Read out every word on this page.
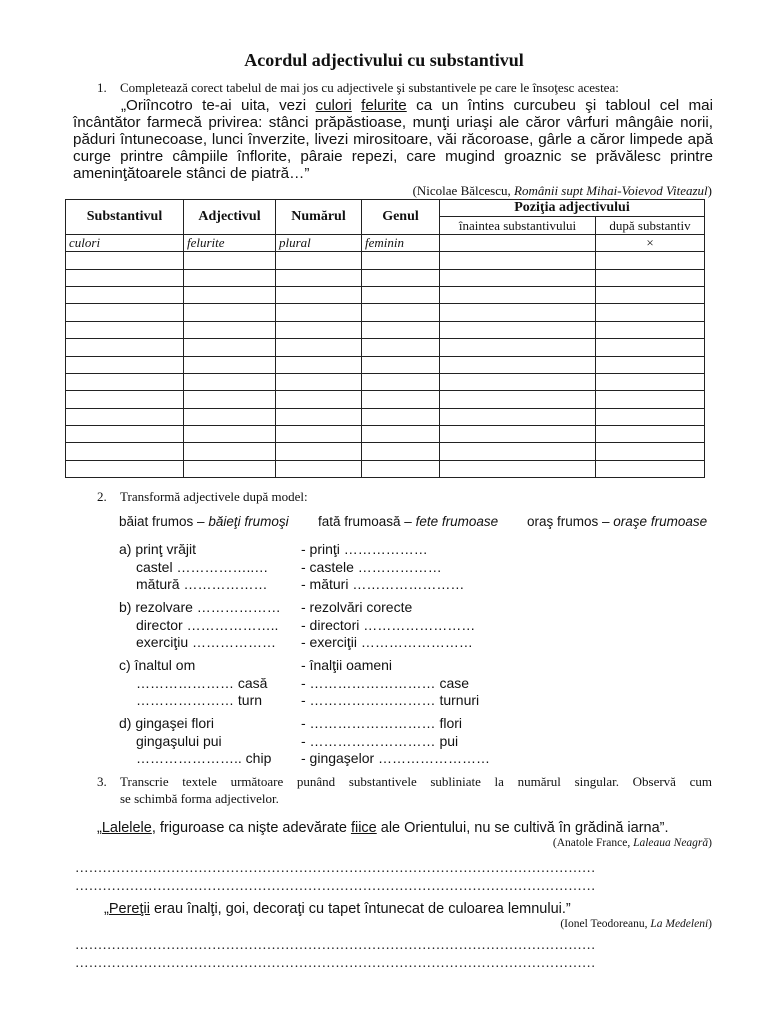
Acordul adjectivului cu substantivul
1. Completează corect tabelul de mai jos cu adjectivele şi substantivele pe care le însoţesc acestea:
„Oriîncotro te-ai uita, vezi culori felurite ca un întins curcubeu şi tabloul cel mai încântător farmecă privirea: stânci prăpăstioase, munţi uriaşi ale căror vârfuri mângâie norii, păduri întunecoase, lunci înverzite, livezi mirositoare, văi răcoroase, gârle a căror limpede apă curge printre câmpiile înflorite, pâraie repezi, care mugind groaznic se prăvălesc printre ameninţătoarele stânci de piatră…”
(Nicolae Bălcescu, Românii supt Mihai-Voievod Viteazul)
Substantivul	Adjectivul	Numărul	Genul	Poziţia adjectivului	
				înaintea substantivului	după substantiv
culori	felurite	plural	feminin		×

2. Transformă adjectivele după model:
băiat frumos – băieţi frumoşi fată frumoasă – fete frumoase oraş frumos – oraşe frumoase
a) prinţ vrăjit	- prinţi ………………
castel ……………..… - castele ………………
mătură ……………… - mături ……………………
b) rezolvare ……………… - rezolvări corecte
director ……………….. - directori ……………………
exerciţiu ……………… - exerciţii ……………………
c) înaltul om	- înalţii oameni
………………… casă - ……………………… case
………………… turn	- ……………………… turnuri
d) gingaşei flori	- ……………………… flori
gingaşului pui	- ……………………… pui
………………….. chip - gingaşelor ……………………
3. Transcrie textele următoare punând substantivele subliniate la numărul singular. Observă cum
se schimbă forma adjectivelor.
„Lalelele, friguroase ca nişte adevărate fiice ale Orientului, nu se cultivă în grădină iarna”.
(Anatole France, Laleaua Neagră)
……………………………………………………………………………………………………
……………………………………………………………………………………………………
„Pereţii erau înalţi, goi, decoraţi cu tapet întunecat de culoarea lemnului.”
(Ionel Teodoreanu, La Medeleni)
……………………………………………………………………………………………………
……………………………………………………………………………………………………
